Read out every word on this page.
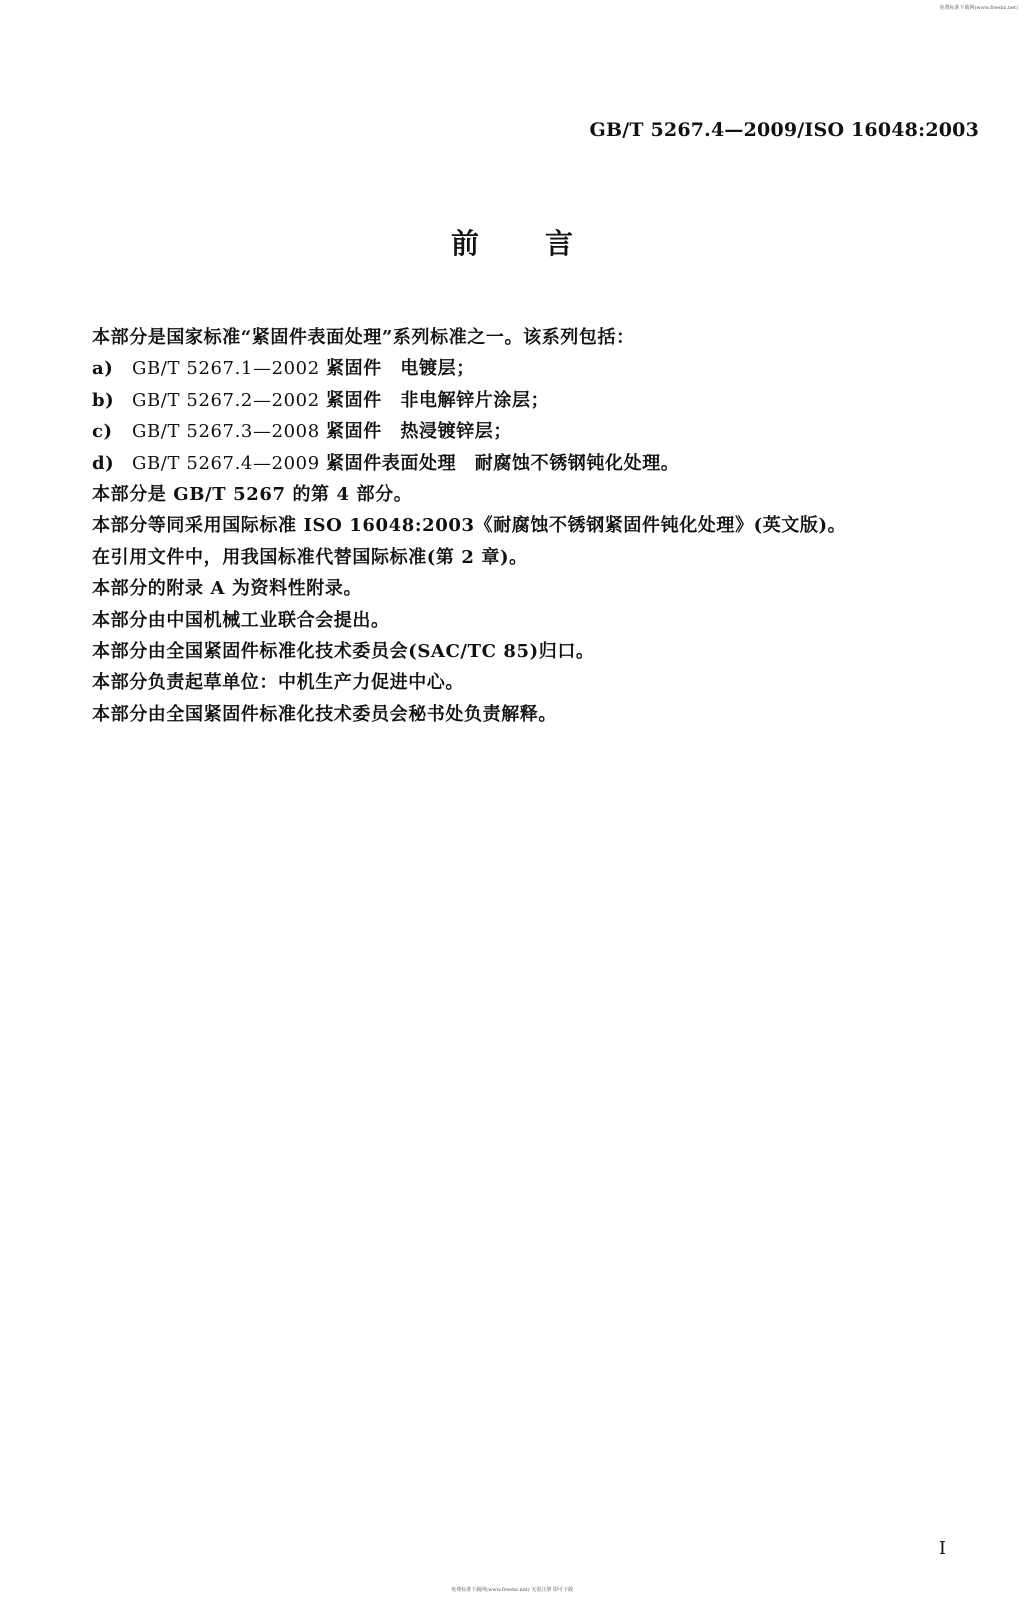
免费标准下载网(www.freebz.net)
GB/T 5267.4—2009/ISO 16048:2003
前言
本部分是国家标准“紧固件表面处理”系列标准之一。该系列包括：
a) GB/T 5267.1—2002 紧固件　电镀层；
b) GB/T 5267.2—2002 紧固件　非电解锌片涂层；
c) GB/T 5267.3—2008 紧固件　热浸镀锌层；
d) GB/T 5267.4—2009 紧固件表面处理　耐腐蚀不锈钢钝化处理。
本部分是 GB/T 5267 的第 4 部分。
本部分等同采用国际标准 ISO 16048:2003《耐腐蚀不锈钢紧固件钝化处理》(英文版)。
在引用文件中，用我国标准代替国际标准(第 2 章)。
本部分的附录 A 为资料性附录。
本部分由中国机械工业联合会提出。
本部分由全国紧固件标准化技术委员会(SAC/TC 85)归口。
本部分负责起草单位：中机生产力促进中心。
本部分由全国紧固件标准化技术委员会秘书处负责解释。
I
免费标准下载网(www.freebz.net) 无需注册 即可下载
